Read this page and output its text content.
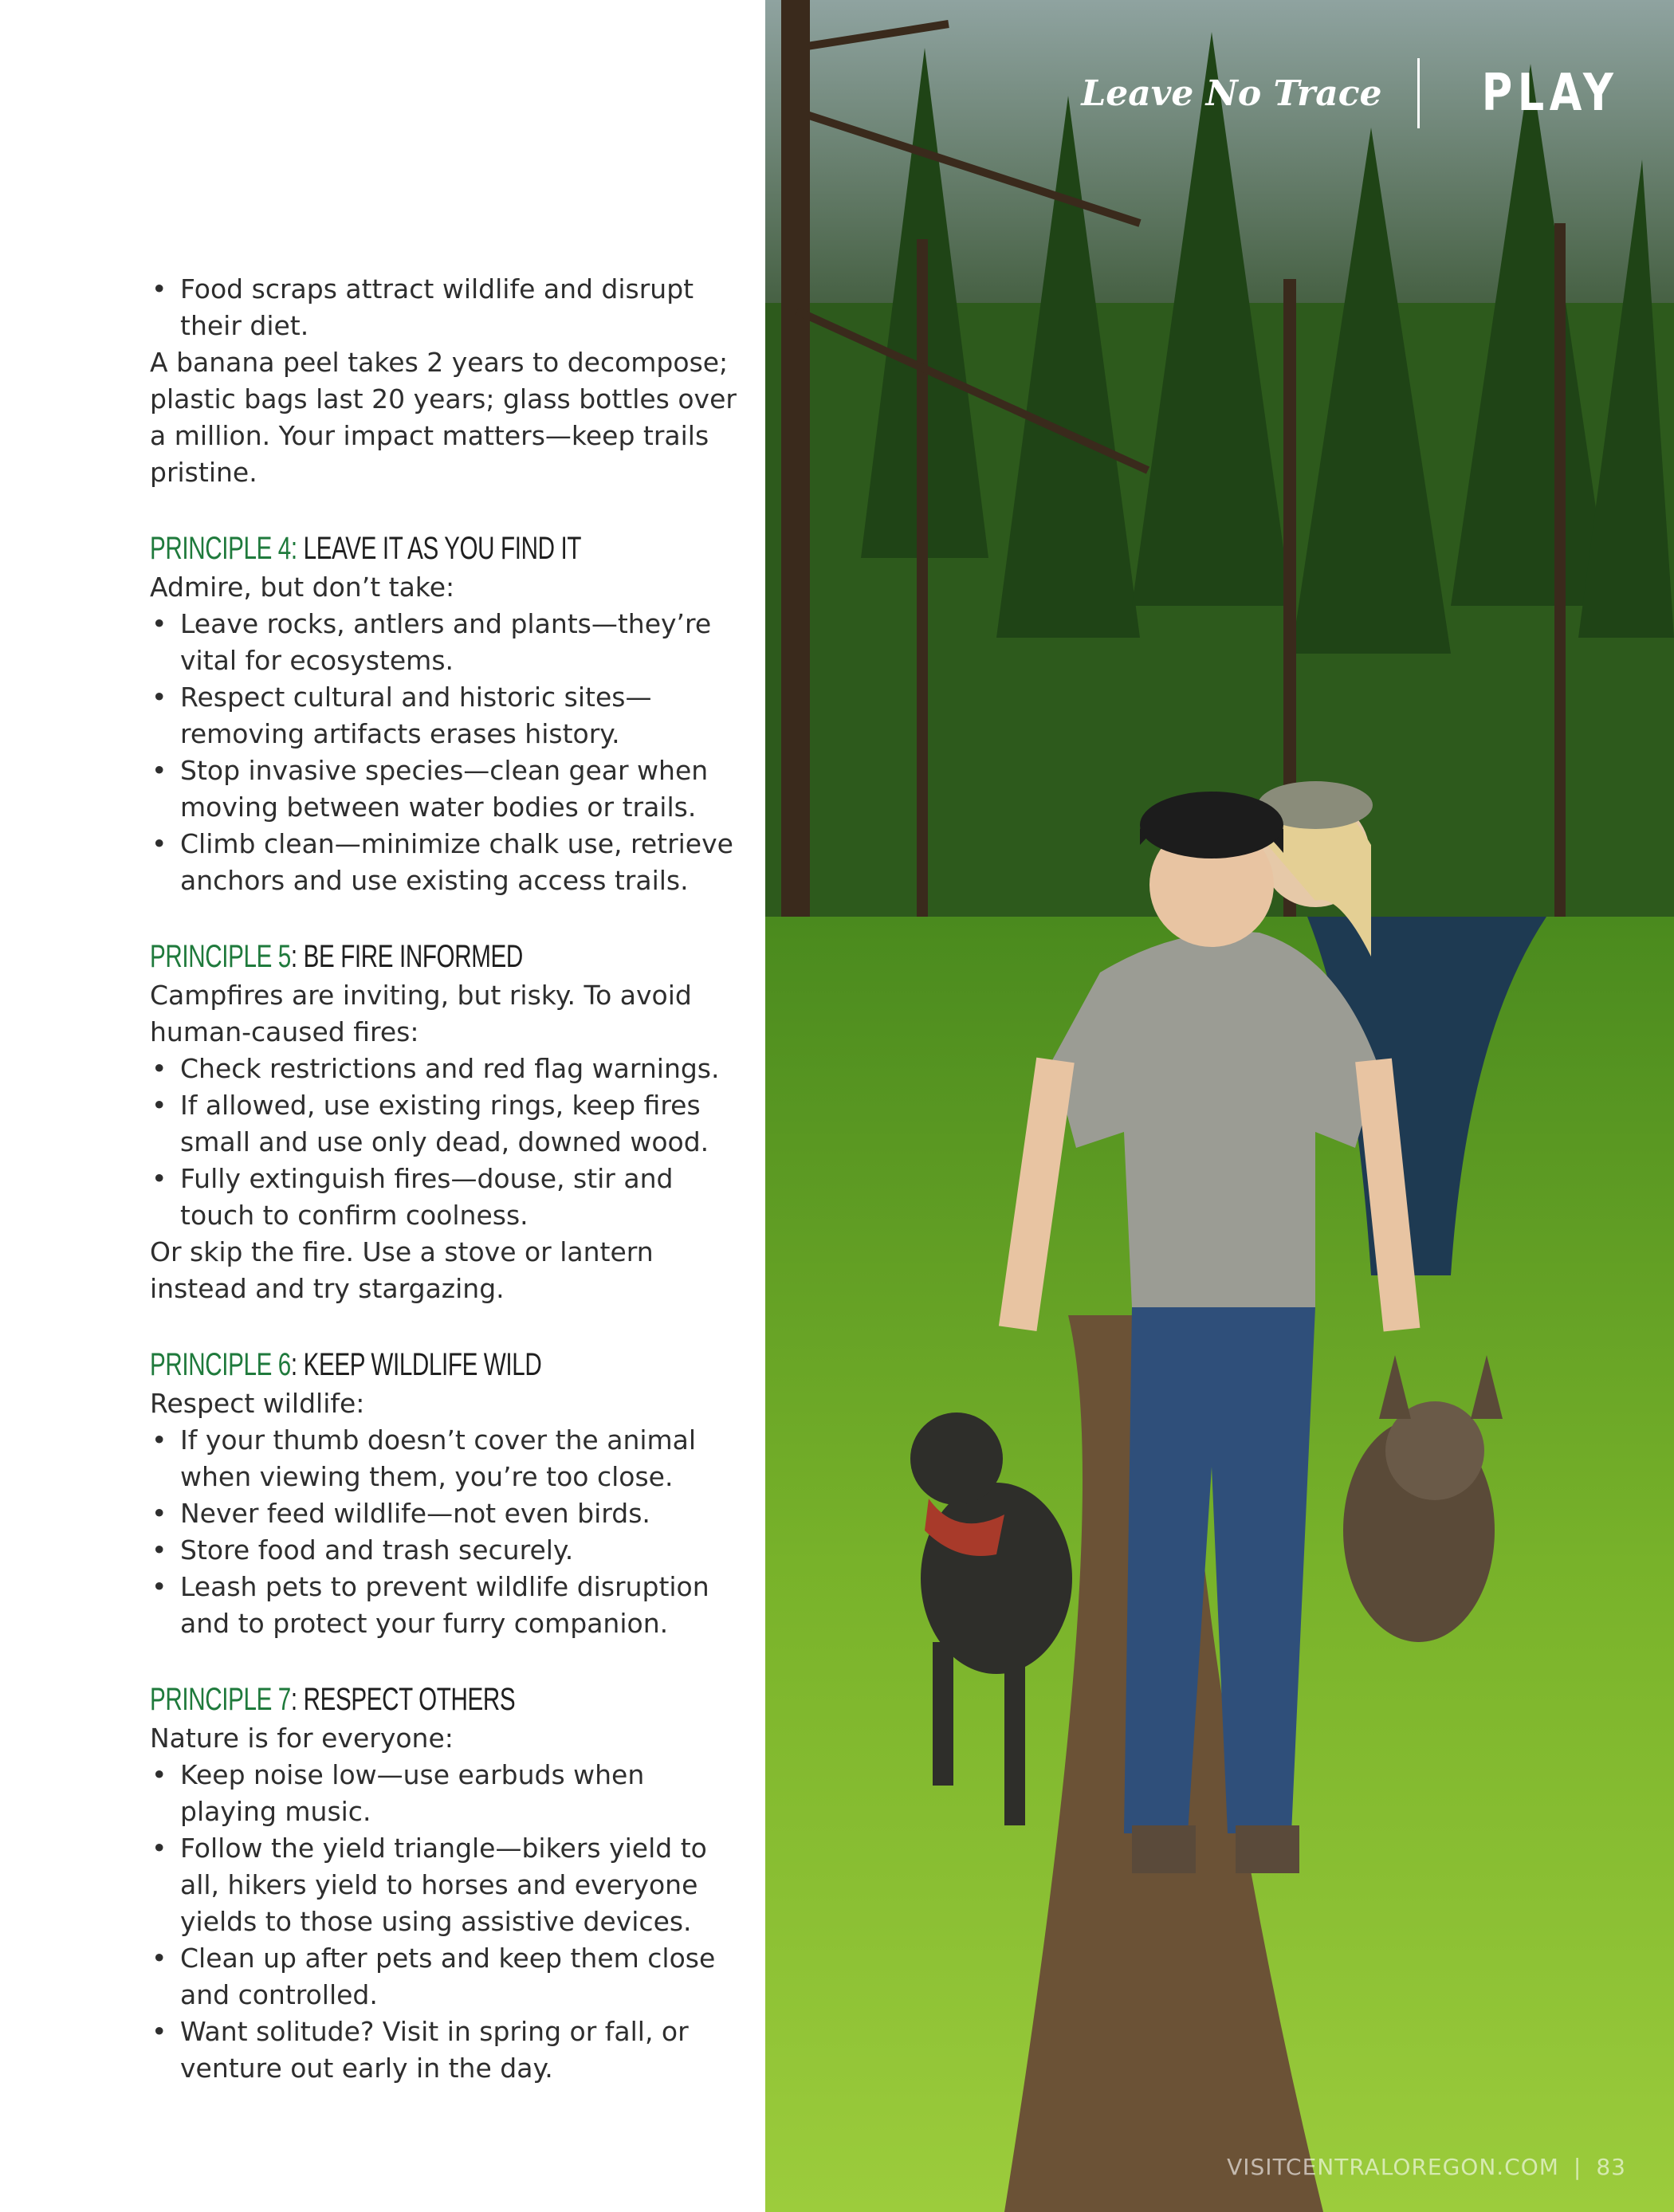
• Food scraps attract wildlife and disrupt their diet.

A banana peel takes 2 years to decompose; plastic bags last 20 years; glass bottles over a million. Your impact matters—keep trails pristine.

PRINCIPLE 4: LEAVE IT AS YOU FIND IT

Admire, but don’t take:

• Leave rocks, antlers and plants—they’re vital for ecosystems.
• Respect cultural and historic sites—removing artifacts erases history.
• Stop invasive species—clean gear when moving between water bodies or trails.
• Climb clean—minimize chalk use, retrieve anchors and use existing access trails.
PRINCIPLE 5: BE FIRE INFORMED

Campfires are inviting, but risky. To avoid human-caused fires:

• Check restrictions and red flag warnings.
• If allowed, use existing rings, keep fires small and use only dead, downed wood.
• Fully extinguish fires—douse, stir and touch to confirm coolness.

Or skip the fire. Use a stove or lantern instead and try stargazing.

PRINCIPLE 6: KEEP WILDLIFE WILD

Respect wildlife:

• If your thumb doesn’t cover the animal when viewing them, you’re too close.
• Never feed wildlife—not even birds.
• Store food and trash securely.
• Leash pets to prevent wildlife disruption and to protect your furry companion.
PRINCIPLE 7: RESPECT OTHERS

Nature is for everyone:

• Keep noise low—use earbuds when playing music.
• Follow the yield triangle—bikers yield to all, hikers yield to horses and everyone yields to those using assistive devices.
• Clean up after pets and keep them close and controlled.
• Want solitude? Visit in spring or fall, or venture out early in the day.
Leave No Trace PLAY
VISITCENTRALOREGON.COM | 83
